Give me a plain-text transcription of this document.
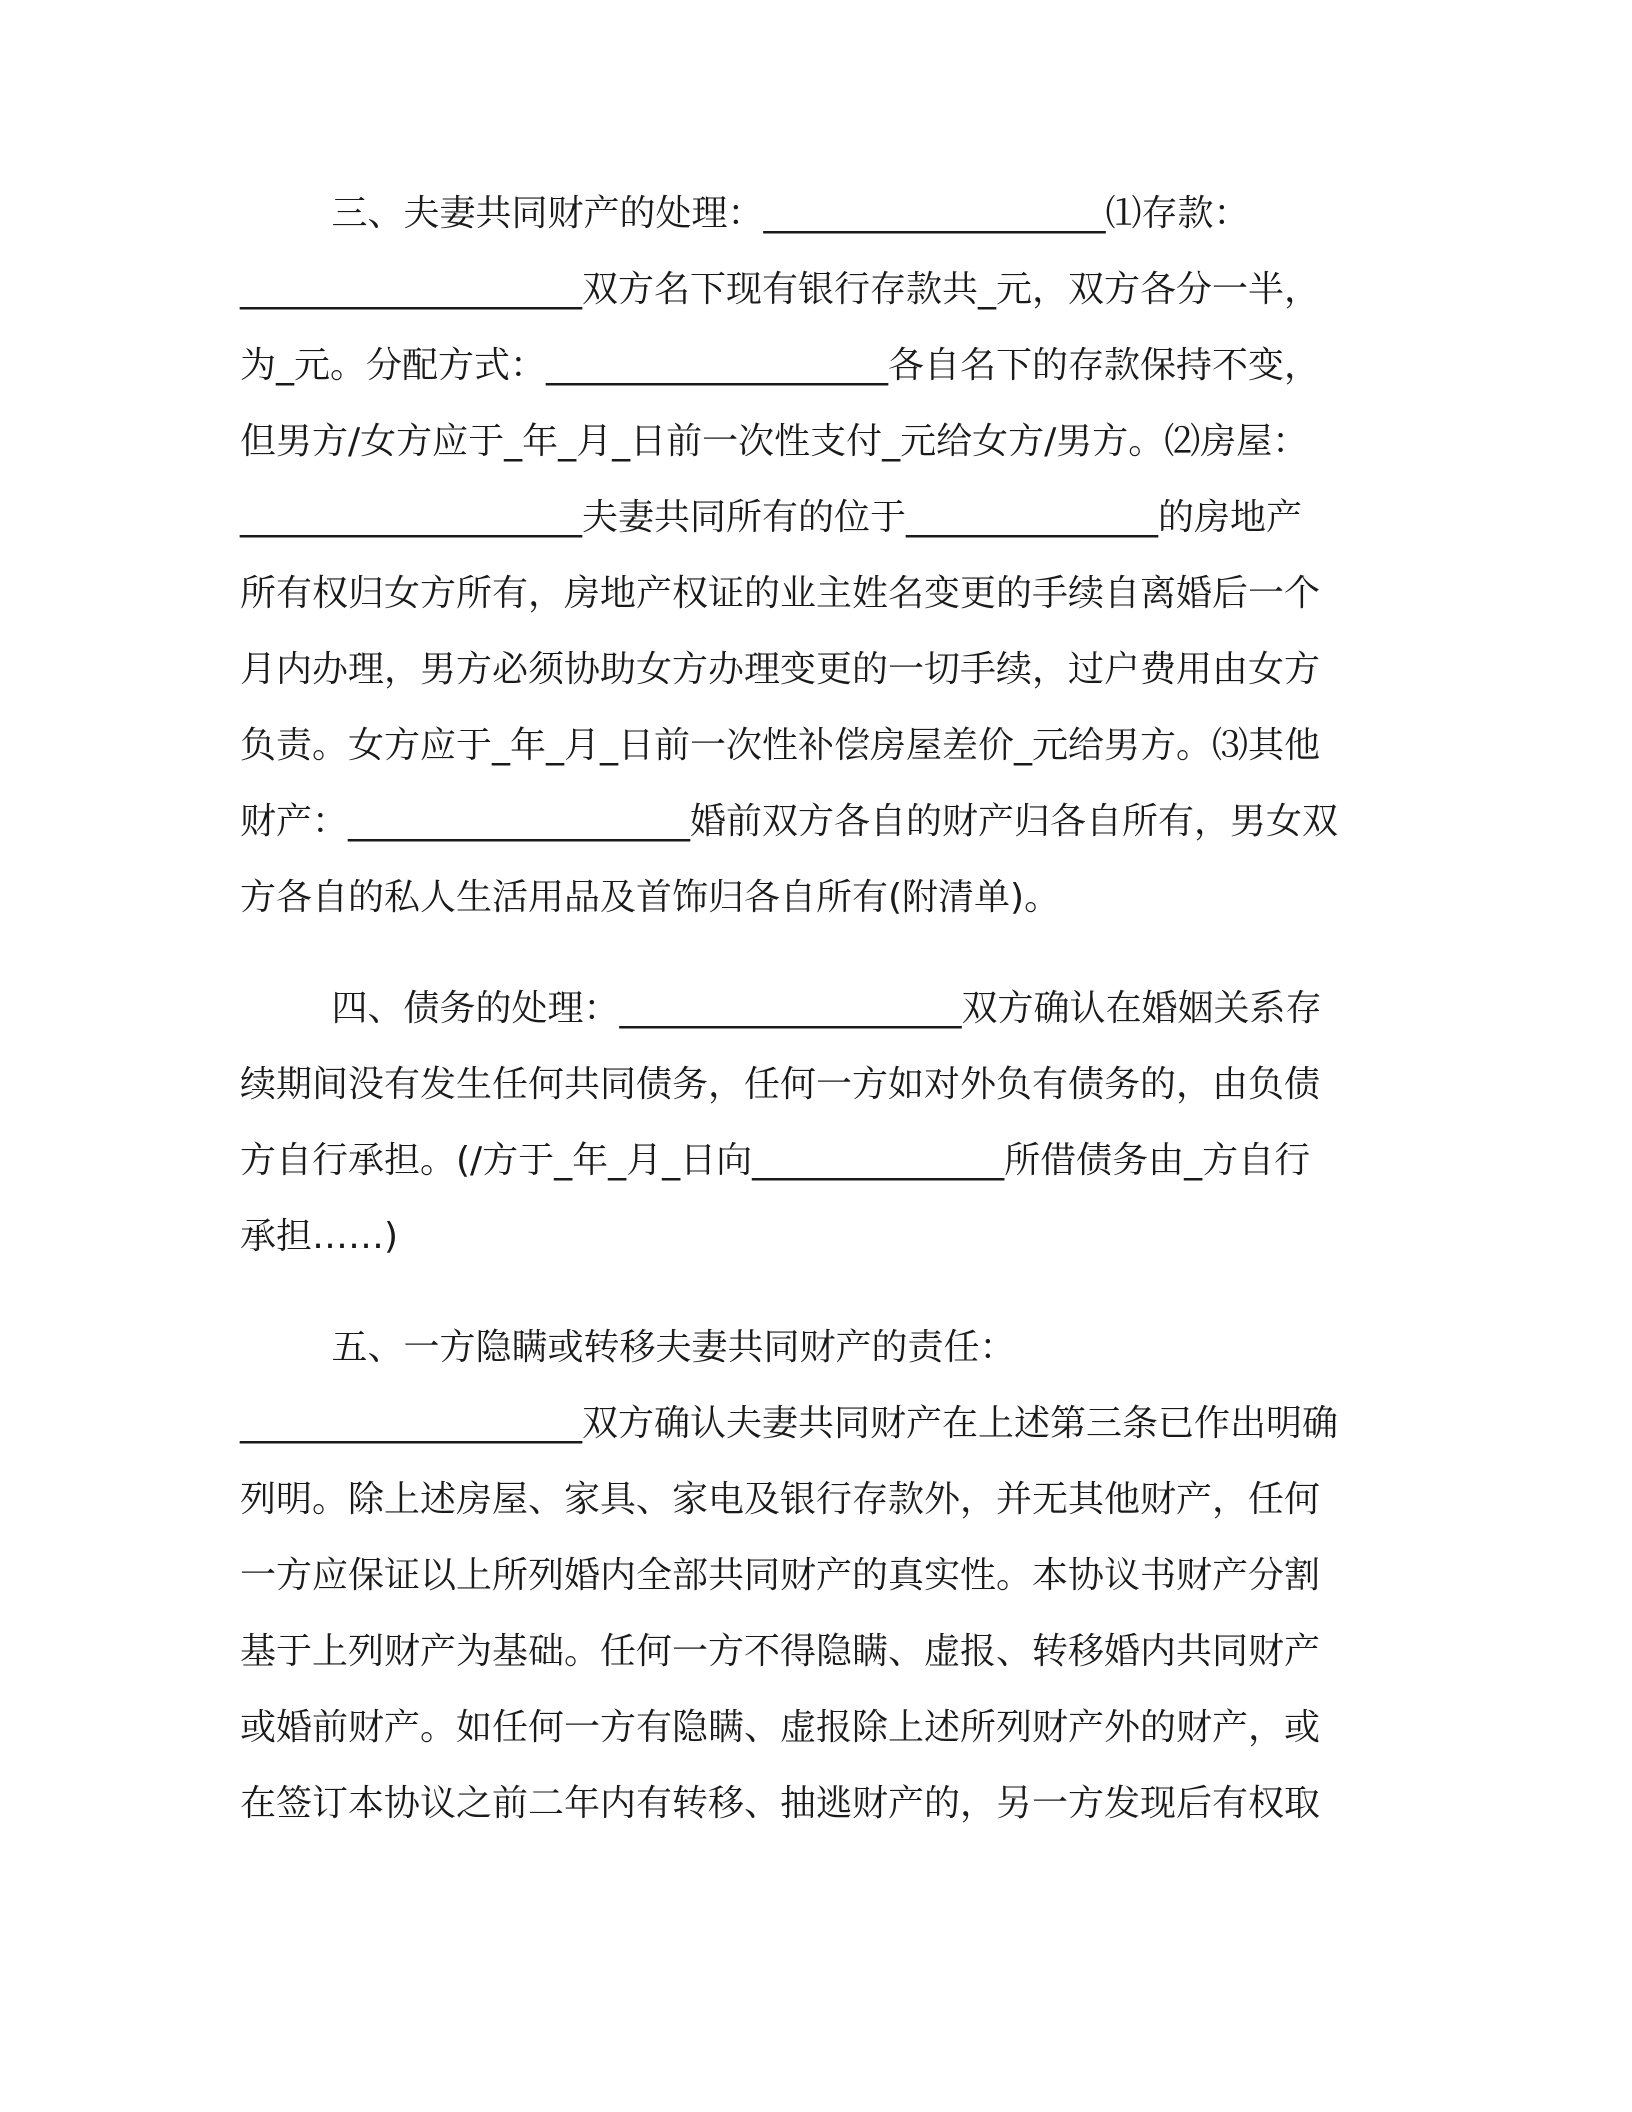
三、夫妻共同财产的处理：___________________⑴存款：
___________________双方名下现有银行存款共_元，双方各分一半，
为_元。分配方式：___________________各自名下的存款保持不变，
但男方/女方应于_年_月_日前一次性支付_元给女方/男方。⑵房屋：
___________________夫妻共同所有的位于______________的房地产
所有权归女方所有，房地产权证的业主姓名变更的手续自离婚后一个
月内办理，男方必须协助女方办理变更的一切手续，过户费用由女方
负责。女方应于_年_月_日前一次性补偿房屋差价_元给男方。⑶其他
财产：___________________婚前双方各自的财产归各自所有，男女双
方各自的私人生活用品及首饰归各自所有(附清单)。
四、债务的处理：___________________双方确认在婚姻关系存
续期间没有发生任何共同债务，任何一方如对外负有债务的，由负债
方自行承担。(/方于_年_月_日向______________所借债务由_方自行
承担……)
五、一方隐瞒或转移夫妻共同财产的责任：
___________________双方确认夫妻共同财产在上述第三条已作出明确
列明。除上述房屋、家具、家电及银行存款外，并无其他财产，任何
一方应保证以上所列婚内全部共同财产的真实性。本协议书财产分割
基于上列财产为基础。任何一方不得隐瞒、虚报、转移婚内共同财产
或婚前财产。如任何一方有隐瞒、虚报除上述所列财产外的财产，或
在签订本协议之前二年内有转移、抽逃财产的，另一方发现后有权取
